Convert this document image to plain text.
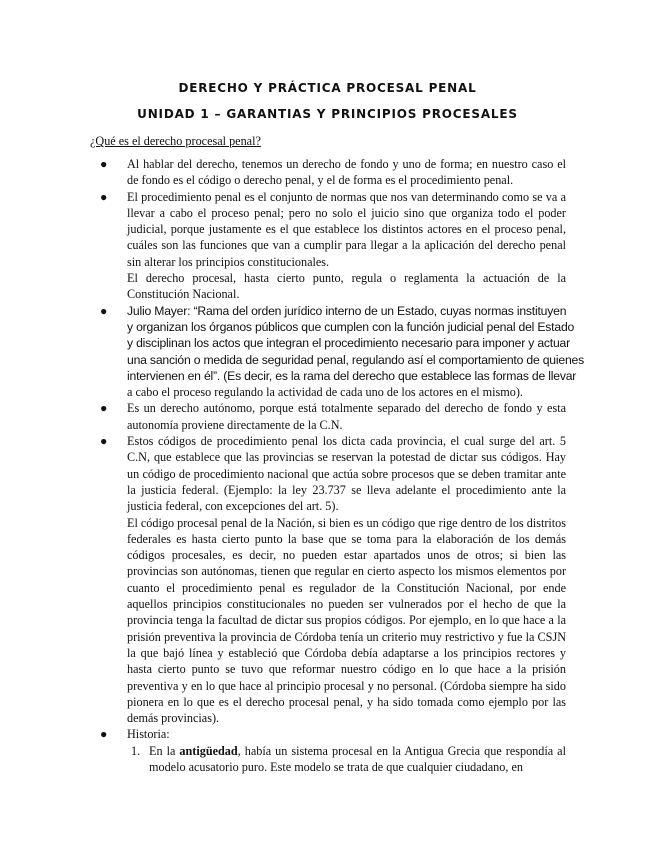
DERECHO Y PRÁCTICA PROCESAL PENAL
UNIDAD 1 – GARANTIAS Y PRINCIPIOS PROCESALES
¿Qué es el derecho procesal penal?
● Al hablar del derecho, tenemos un derecho de fondo y uno de forma; en nuestro caso el de fondo es el código o derecho penal, y el de forma es el procedimiento penal.
● El procedimiento penal es el conjunto de normas que nos van determinando como se va a llevar a cabo el proceso penal; pero no solo el juicio sino que organiza todo el poder judicial, porque justamente es el que establece los distintos actores en el proceso penal, cuáles son las funciones que van a cumplir para llegar a la aplicación del derecho penal sin alterar los principios constitucionales.
El derecho procesal, hasta cierto punto, regula o reglamenta la actuación de la Constitución Nacional.
● Julio Mayer: “Rama del orden jurídico interno de un Estado, cuyas normas instituyen
y organizan los órganos públicos que cumplen con la función judicial penal del Estado
y disciplinan los actos que integran el procedimiento necesario para imponer y actuar
una sanción o medida de seguridad penal, regulando así el comportamiento de quienes
intervienen en él”. (Es decir, es la rama del derecho que establece las formas de llevar
a cabo el proceso regulando la actividad de cada uno de los actores en el mismo).
● Es un derecho autónomo, porque está totalmente separado del derecho de fondo y esta autonomía proviene directamente de la C.N.
● Estos códigos de procedimiento penal los dicta cada provincia, el cual surge del art. 5 C.N, que establece que las provincias se reservan la potestad de dictar sus códigos. Hay un código de procedimiento nacional que actúa sobre procesos que se deben tramitar ante la justicia federal. (Ejemplo: la ley 23.737 se lleva adelante el procedimiento ante la justicia federal, con excepciones del art. 5).
El código procesal penal de la Nación, si bien es un código que rige dentro de los distritos federales es hasta cierto punto la base que se toma para la elaboración de los demás códigos procesales, es decir, no pueden estar apartados unos de otros; si bien las provincias son autónomas, tienen que regular en cierto aspecto los mismos elementos por cuanto el procedimiento penal es regulador de la Constitución Nacional, por ende aquellos principios constitucionales no pueden ser vulnerados por el hecho de que la provincia tenga la facultad de dictar sus propios códigos. Por ejemplo, en lo que hace a la prisión preventiva la provincia de Córdoba tenía un criterio muy restrictivo y fue la CSJN la que bajó línea y estableció que Córdoba debía adaptarse a los principios rectores y hasta cierto punto se tuvo que reformar nuestro código en lo que hace a la prisión preventiva y en lo que hace al principio procesal y no personal. (Córdoba siempre ha sido pionera en lo que es el derecho procesal penal, y ha sido tomada como ejemplo por las demás provincias).
● Historia:
1. En la antigüedad, había un sistema procesal en la Antigua Grecia que respondía al modelo acusatorio puro. Este modelo se trata de que cualquier ciudadano, en
